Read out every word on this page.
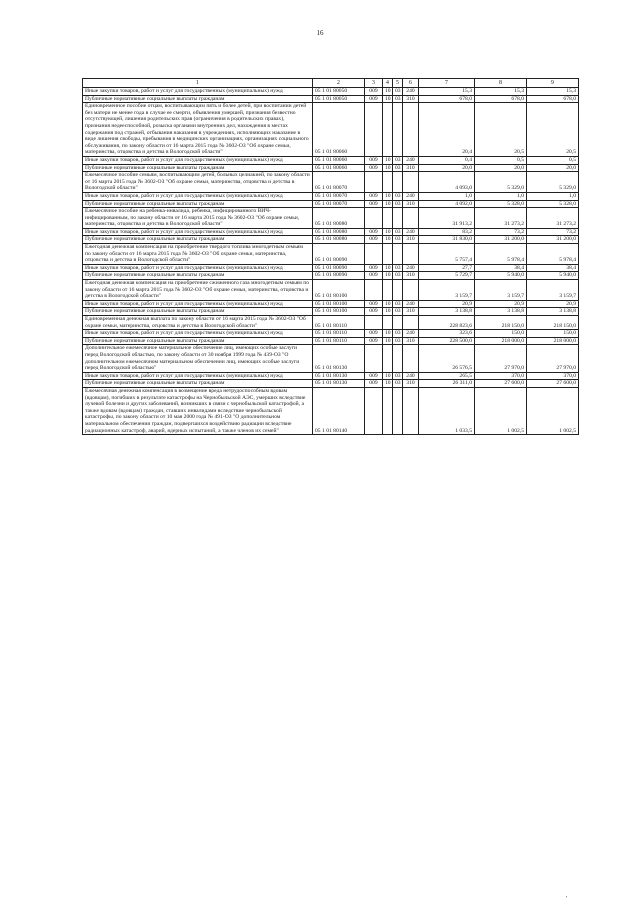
16
1	2	3	4	5	6	7	8	9
Иные закупки товаров, работ и услуг для государственных (муниципальных) нужд	05 1 01 80050	009	10	03	240	15,3	15,3	15,3
Публичные нормативные социальные выплаты гражданам	05 1 01 80050	009	10	03	310	678,0	678,0	678,0
Единовременное пособие отцам, воспитывающим пять и более детей, при воспитании детей без матери не менее года в случае ее смерти, объявления умершей, признания безвестно отсутствующей, лишения родительских прав (ограничения в родительских правах), признания недееспособной, розыска органами внутренних дел, нахождения в местах содержания под стражей, отбывания наказания в учреждениях, исполняющих наказание в виде лишения свободы, пребывания в медицинских организациях, организациях социального обслуживания, по закону области от 16 марта 2015 года № 3602-ОЗ "Об охране семьи, материнства, отцовства и детства в Вологодской области"	05 1 01 80060					20,4	20,5	20,5
Иные закупки товаров, работ и услуг для государственных (муниципальных) нужд	05 1 01 80060	009	10	03	240	0,4	0,5	0,5
Публичные нормативные социальные выплаты гражданам	05 1 01 80060	009	10	03	310	20,0	20,0	20,0
Ежемесячное пособие семьям, воспитывающим детей, больных целиакией, по закону области от 16 марта 2015 года № 3602-ОЗ "Об охране семьи, материнства, отцовства и детства в Вологодской области"	05 1 01 80070					4 093,0	5 329,0	5 329,0
Иные закупки товаров, работ и услуг для государственных (муниципальных) нужд	05 1 01 80070	009	10	03	240	1,0	1,0	1,0
Публичные нормативные социальные выплаты гражданам	05 1 01 80070	009	10	03	310	4 092,0	5 328,0	5 328,0
Ежемесячное пособие на ребенка-инвалида, ребенка, инфицированного ВИЧ-инфицированным, по закону области от 16 марта 2015 года № 3602-ОЗ "Об охране семьи, материнства, отцовства и детства в Вологодской области"	05 1 01 80080					31 913,2	31 273,2	31 273,2
Иные закупки товаров, работ и услуг для государственных (муниципальных) нужд	05 1 01 80080	009	10	03	240	83,2	73,2	73,2
Публичные нормативные социальные выплаты гражданам	05 1 01 80080	009	10	03	310	31 830,0	31 200,0	31 200,0
Ежегодная денежная компенсация на приобретение твердого топлива многодетным семьям по закону области от 16 марта 2015 года № 3602-ОЗ "Об охране семьи, материнства, отцовства и детства в Вологодской области"	05 1 01 80090					5 757,4	5 978,4	5 978,4
Иные закупки товаров, работ и услуг для государственных (муниципальных) нужд	05 1 01 80090	009	10	03	240	27,7	38,4	38,4
Публичные нормативные социальные выплаты гражданам	05 1 01 80090	009	10	03	310	5 729,7	5 940,0	5 940,0
Ежегодная денежная компенсация на приобретение сжиженного газа многодетным семьям по закону области от 16 марта 2015 года № 3602-ОЗ "Об охране семьи, материнства, отцовства и детства в Вологодской области"	05 1 01 80100					3 159,7	3 159,7	3 159,7
Иные закупки товаров, работ и услуг для государственных (муниципальных) нужд	05 1 01 80100	009	10	03	240	20,9	20,9	20,9
Публичные нормативные социальные выплаты гражданам	05 1 01 80100	009	10	03	310	3 138,8	3 138,8	3 138,8
Единовременная денежная выплата по закону области от 16 марта 2015 года № 3602-ОЗ "Об охране семьи, материнства, отцовства и детства в Вологодской области"	05 1 01 80110					228 823,6	218 150,0	218 150,0
Иные закупки товаров, работ и услуг для государственных (муниципальных) нужд	05 1 01 80110	009	10	03	240	323,6	150,0	150,0
Публичные нормативные социальные выплаты гражданам	05 1 01 80110	009	10	03	310	228 500,0	218 000,0	218 000,0
Дополнительное ежемесячное материальное обеспечение лиц, имеющих особые заслуги перед Вологодской областью, по закону области от 30 ноября 1999 года № 439-ОЗ "О дополнительном ежемесячном материальном обеспечении лиц, имеющих особые заслуги перед Вологодской областью"	05 1 01 80130					26 576,5	27 970,0	27 970,0
Иные закупки товаров, работ и услуг для государственных (муниципальных) нужд	05 1 01 80130	009	10	03	240	265,5	370,0	370,0
Публичные нормативные социальные выплаты гражданам	05 1 01 80130	009	10	03	310	26 311,0	27 600,0	27 600,0
Ежемесячная денежная компенсация в возмещение вреда нетрудоспособным вдовам (вдовцам), погибших в результате катастрофы на Чернобыльской АЭС, умерших вследствие лучевой болезни и других заболеваний, возникших в связи с чернобыльской катастрофой, а также вдовам (вдовцам) граждан, ставших инвалидами вследствие чернобыльской катастрофы, по закону области от 10 мая 2000 года № 491-ОЗ "О дополнительном материальном обеспечении граждан, подвергшихся воздействию радиации вследствие радиационных катастроф, аварий, ядерных испытаний, а также членов их семей"	05 1 01 80140					1 033,5	1 002,5	1 002,5
'
